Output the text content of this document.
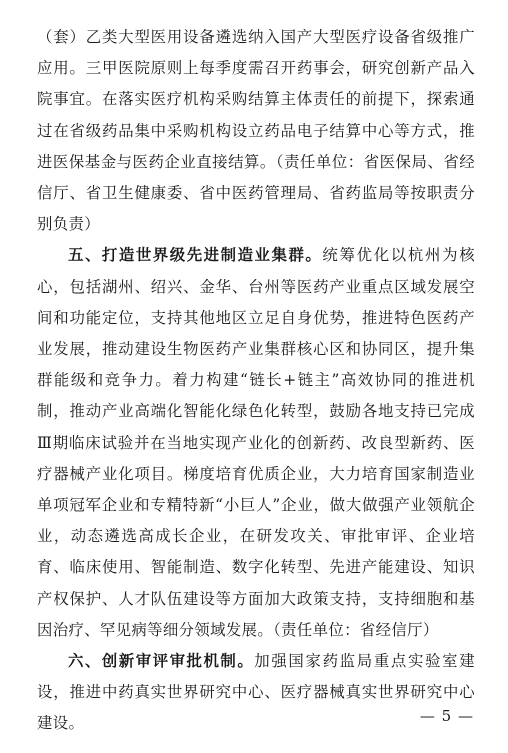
（套）乙类大型医用设备遴选纳入国产大型医疗设备省级推广应用。三甲医院原则上每季度需召开药事会，研究创新产品入院事宜。在落实医疗机构采购结算主体责任的前提下，探索通过在省级药品集中采购机构设立药品电子结算中心等方式，推进医保基金与医药企业直接结算。（责任单位：省医保局、省经信厅、省卫生健康委、省中医药管理局、省药监局等按职责分别负责）

五、打造世界级先进制造业集群。统筹优化以杭州为核心，包括湖州、绍兴、金华、台州等医药产业重点区域发展空间和功能定位，支持其他地区立足自身优势，推进特色医药产业发展，推动建设生物医药产业集群核心区和协同区，提升集群能级和竞争力。着力构建“链长+链主”高效协同的推进机制，推动产业高端化智能化绿色化转型，鼓励各地支持已完成Ⅲ期临床试验并在当地实现产业化的创新药、改良型新药、医疗器械产业化项目。梯度培育优质企业，大力培育国家制造业单项冠军企业和专精特新“小巨人”企业，做大做强产业领航企业，动态遴选高成长企业，在研发攻关、审批审评、企业培育、临床使用、智能制造、数字化转型、先进产能建设、知识产权保护、人才队伍建设等方面加大政策支持，支持细胞和基因治疗、罕见病等细分领域发展。（责任单位：省经信厅）

六、创新审评审批机制。加强国家药监局重点实验室建设，推进中药真实世界研究中心、医疗器械真实世界研究中心建设。	— 5 —
